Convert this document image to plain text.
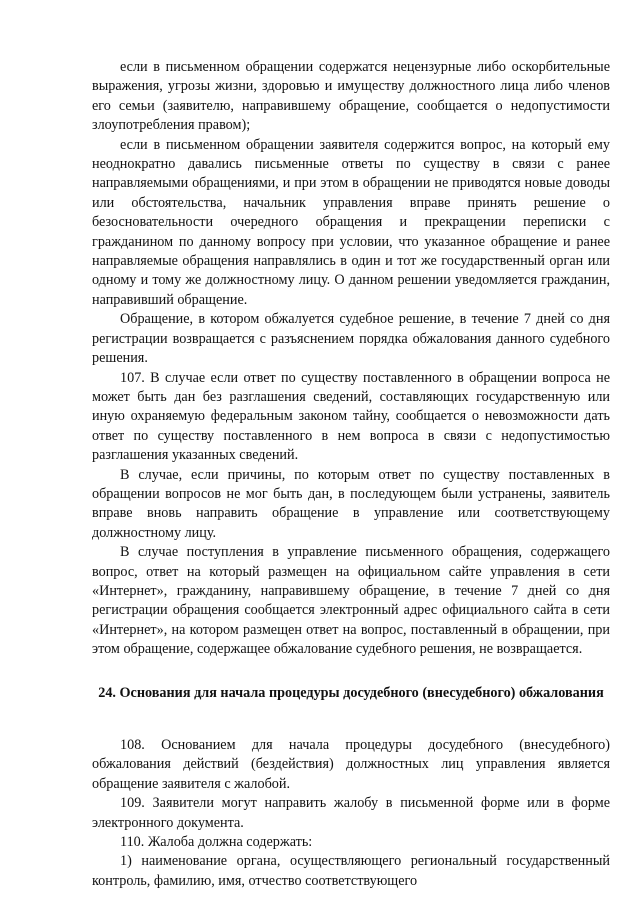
если в письменном обращении содержатся нецензурные либо оскорбительные выражения, угрозы жизни, здоровью и имуществу должностного лица либо членов его семьи (заявителю, направившему обращение, сообщается о недопустимости злоупотребления правом);

если в письменном обращении заявителя содержится вопрос, на который ему неоднократно давались письменные ответы по существу в связи с ранее направляемыми обращениями, и при этом в обращении не приводятся новые доводы или обстоятельства, начальник управления вправе принять решение о безосновательности очередного обращения и прекращении переписки с гражданином по данному вопросу при условии, что указанное обращение и ранее направляемые обращения направлялись в один и тот же государственный орган или одному и тому же должностному лицу. О данном решении уведомляется гражданин, направивший обращение.

Обращение, в котором обжалуется судебное решение, в течение 7 дней со дня регистрации возвращается с разъяснением порядка обжалования данного судебного решения.

107. В случае если ответ по существу поставленного в обращении вопроса не может быть дан без разглашения сведений, составляющих государственную или иную охраняемую федеральным законом тайну, сообщается о невозможности дать ответ по существу поставленного в нем вопроса в связи с недопустимостью разглашения указанных сведений.

В случае, если причины, по которым ответ по существу поставленных в обращении вопросов не мог быть дан, в последующем были устранены, заявитель вправе вновь направить обращение в управление или соответствующему должностному лицу.

В случае поступления в управление письменного обращения, содержащего вопрос, ответ на который размещен на официальном сайте управления в сети «Интернет», гражданину, направившему обращение, в течение 7 дней со дня регистрации обращения сообщается электронный адрес официального сайта в сети «Интернет», на котором размещен ответ на вопрос, поставленный в обращении, при этом обращение, содержащее обжалование судебного решения, не возвращается.

24. Основания для начала процедуры досудебного (внесудебного) обжалования

108. Основанием для начала процедуры досудебного (внесудебного) обжалования действий (бездействия) должностных лиц управления является обращение заявителя с жалобой.

109. Заявители могут направить жалобу в письменной форме или в форме электронного документа.

110. Жалоба должна содержать:

1) наименование органа, осуществляющего региональный государственный контроль, фамилию, имя, отчество соответствующего
